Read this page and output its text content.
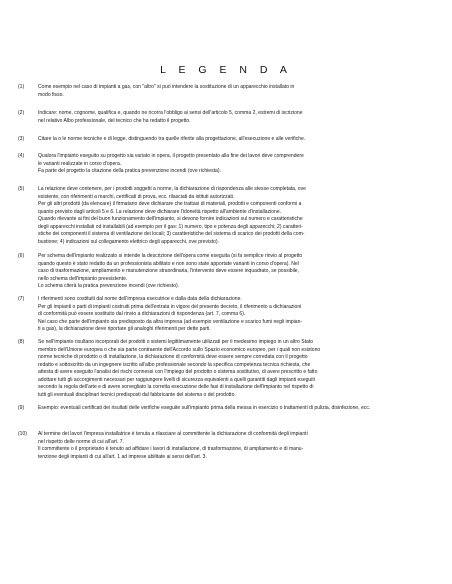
L E G E N D A
(1)	Come esempio nel caso di impianti a gas, con "altro" si può intendere la sostituzione di un apparecchio installato in
modo fisso.
(2)	Indicare: nome, cognome, qualifica e, quando ne ricorra l'obbligo ai sensi dell'articolo 5, comma 2, estremi di iscrizione
nel relativo Albo professionale, del tecnico che ha redatto il progetto.
(3)	Citare la o le norme tecniche e di legge, distinguendo tra quelle riferite alla progettazione, all'esecuzione e alle verifiche.
(4)	Qualora l'impianto eseguito su progetto sia variato in opera, il progetto presentato alla fine dei lavori deve comprendere
le varianti realizzate in corso d'opera.
Fa parte del progetto la citazione della pratica prevenzione incendi (ove richiesta).
(5)	La relazione deve contenere, per i prodotti soggetti a norme, la dichiarazione di rispondenza alle stesse completata, ove
esistente, con riferimenti a marchi, certificati di prova, ecc. rilasciati da istituti autorizzati.
Per gli altri prodotti (da elencare) il firmatario deve dichiarare che trattasi di materiali, prodotti e componenti conformi a
quanto previsto dagli articoli 5 e 6. La relazione deve dichiarare l'idoneità rispetto all'ambiente d'installazione.
Quando rilevante ai fini del buon funzionamento dell'impianto, si devono fornire indicazioni sul numero e caratteristiche
degli apparecchi installati od installabili (ad esempio per il gas: 1) numero, tipo e potenza degli apparecchi; 2) caratteri-
stiche dei componenti il sistema di ventilazione dei locali; 3) caratteristiche del sistema di scarico dei prodotti della com-
bustione; 4) indicazioni sul collegamento elettrico degli apparecchi, ove previsto).
(6)	Per schema dell'impianto realizzato si intende la descrizione dell'opera come eseguita (si fa semplice rinvio al progetto
quando questo è stato redatto da un professionista abilitato e non sono state apportate varianti in corso d'opera). Nel
caso di trasformazione, ampliamento e manutenzione straordinaria, l'intervento deve essere inquadrato, se possibile,
nello schema dell'impianto preesistente.
Lo schema citerà la pratica prevenzione incendi (ove richiesto).
(7)	I riferimenti sono costituiti dal nome dell'impresa esecutrice e dalla data della dichiarazione.
Per gli impianti o parti di impianti costruiti prima dell'entrata in vigore del presente decreto, il riferimento a dichiarazioni
di conformità può essere sostituito dal rinvio a dichiarazioni di rispondenza (art. 7, comma 6).
Nel caso che parte dell'impianto sia predisposto da altra impresa (ad esempio ventilazione e scarico fumi negli impian-
ti a gas), la dichiarazione deve riportare gli analoghi riferimenti per dette parti.
(8)	Se nell'impianto risultano incorporati dei prodotti o sistemi legittimamente utilizzati per il medesimo impiego in un altro Stato
membro dell'Unione europea o che sia parte contraente dell'Accordo sullo Spazio economico europeo, per i quali non esistono
norme tecniche di prodotto o di installazione, la dichiarazione di conformità deve essere sempre corredata con il progetto
redatto e sottoscritto da un ingegnere iscritto all'albo professionale secondo la specifica competenza tecnica richiesta, che
attesta di avere eseguito l'analisi dei rischi connessi con l'impiego del prodotto o sistema sostitutivo, di avere prescritto e fatto
adottare tutti gli accorgimenti necessari per raggiungere livelli di sicurezza equivalenti a quelli garantiti dagli impianti eseguiti
secondo la regola dell'arte e di avere sorvegliato la corretta esecuzione delle fasi di installazione dell'impianto nel rispetto di
tutti gli eventuali disciplinari tecnici predisposti dal fabbricante del sistema o del prodotto.
(9)	Esempio: eventuali certificati dei risultati delle verifiche eseguite sull'impianto prima della messa in esercizio o trattamenti di pulizia, disinfezione, ecc.
(10)	Al termine dei lavori l'impresa installatrice è tenuta a rilasciare al committente la dichiarazione di conformità degli impianti
nel rispetto delle norme di cui all'art. 7.
Il committente o il proprietario è tenuto ad affidare i lavori di installazione, di trasformazione, di ampliamento e di manu-
tenzione degli impianti di cui all'art. 1 ad imprese abilitate ai sensi dell'art. 3.
